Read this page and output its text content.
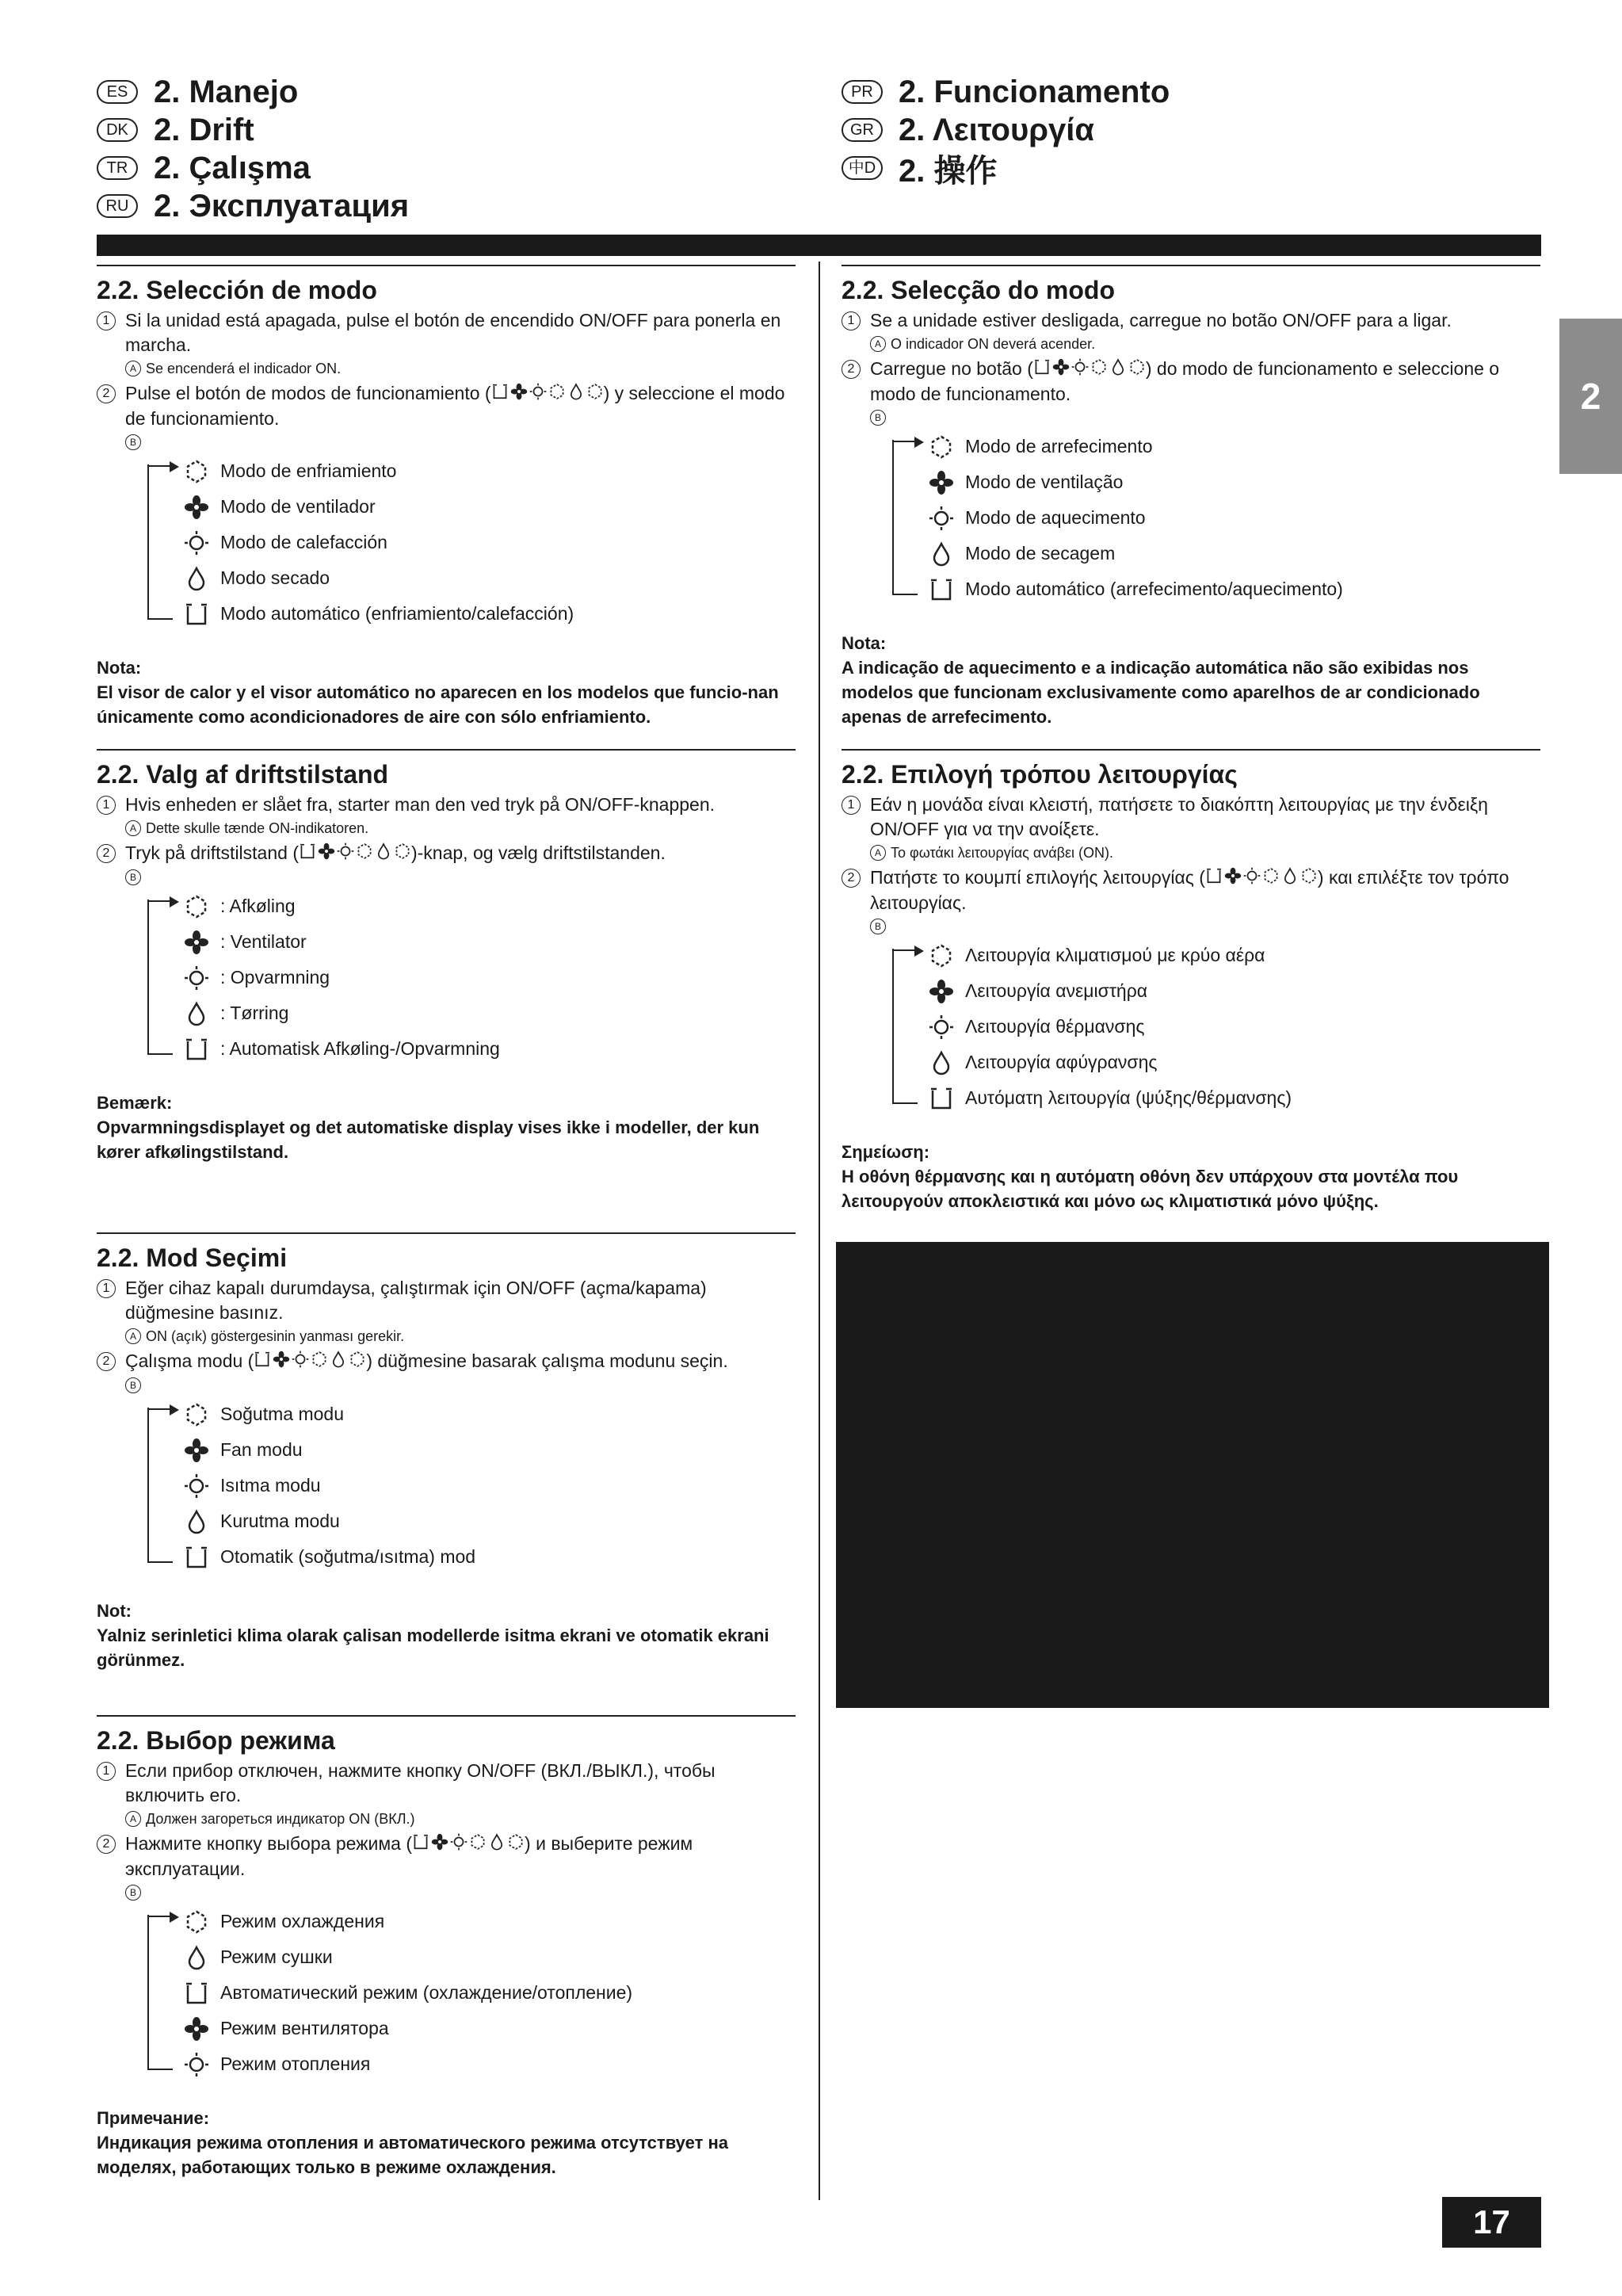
ES 2. Manejo
DK 2. Drift
TR 2. Çalışma
RU 2. Эксплуатация
PR 2. Funcionamento
GR 2. Λειτουργία
中D 2. 操作
2
2.2. Selección de modo
1 Si la unidad está apagada, pulse el botón de encendido ON/OFF para ponerla en marcha.
A Se encenderá el indicador ON.
2 Pulse el botón de modos de funcionamiento (	) y seleccione el modo de funcionamiento.
B
Modo de enfriamiento
Modo de ventilador
Modo de calefacción
Modo secado
Modo automático (enfriamiento/calefacción)
Nota:
El visor de calor y el visor automático no aparecen en los modelos que funcio-nan únicamente como acondicionadores de aire con sólo enfriamiento.
2.2. Selecção do modo
1 Se a unidade estiver desligada, carregue no botão ON/OFF para a ligar.
A O indicador ON deverá acender.
2 Carregue no botão (	) do modo de funcionamento e seleccione o modo de funcionamento.
B
Modo de arrefecimento
Modo de ventilação
Modo de aquecimento
Modo de secagem
Modo automático (arrefecimento/aquecimento)
Nota:
A indicação de aquecimento e a indicação automática não são exibidas nos modelos que funcionam exclusivamente como aparelhos de ar condicionado apenas de arrefecimento.
2.2. Valg af driftstilstand
1 Hvis enheden er slået fra, starter man den ved tryk på ON/OFF-knappen.
A Dette skulle tænde ON-indikatoren.
2 Tryk på driftstilstand (	)-knap, og vælg driftstilstanden.
B
: Afkøling
: Ventilator
: Opvarmning
: Tørring
: Automatisk Afkøling-/Opvarmning
Bemærk:
Opvarmningsdisplayet og det automatiske display vises ikke i modeller, der kun kører afkølingstilstand.
2.2. Επιλογή τρόπου λειτουργίας
1 Εάν η μονάδα είναι κλειστή, πατήσετε το διακόπτη λειτουργίας με την ένδειξη ON/OFF για να την ανοίξετε.
A Το φωτάκι λειτουργίας ανάβει (ON).
2 Πατήστε το κουμπί επιλογής λειτουργίας (	) και επιλέξτε τον τρόπο λειτουργίας.
B
Λειτουργία κλιματισμού με κρύο αέρα
Λειτουργία ανεμιστήρα
Λειτουργία θέρμανσης
Λειτουργία αφύγρανσης
Αυτόματη λειτουργία (ψύξης/θέρμανσης)
Σημείωση:
Η οθόνη θέρμανσης και η αυτόματη οθόνη δεν υπάρχουν στα μοντέλα που λειτουργούν αποκλειστικά και μόνο ως κλιματιστικά μόνο ψύξης.
2.2. Mod Seçimi
1 Eğer cihaz kapalı durumdaysa, çalıştırmak için ON/OFF (açma/kapama) düğmesine basınız.
A ON (açık) göstergesinin yanması gerekir.
2 Çalışma modu (	) düğmesine basarak çalışma modunu seçin.
B
Soğutma modu
Fan modu
Isıtma modu
Kurutma modu
Otomatik (soğutma/ısıtma) mod
Not:
Yalniz serinletici klima olarak çalisan modellerde isitma ekrani ve otomatik ekrani görünmez.
2.2. Выбор режима
1 Если прибор отключен, нажмите кнопку ON/OFF (ВКЛ./ВЫКЛ.), чтобы включить его.
A Должен загореться индикатор ON (ВКЛ.)
2 Нажмите кнопку выбора режима (	) и выберите режим эксплуатации.
B
Режим охлаждения
Режим сушки
Автоматический режим (охлаждение/отопление)
Режим вентилятора
Режим отопления
Примечание:
Индикация режима отопления и автоматического режима отсутствует на моделях, работающих только в режиме охлаждения.
17
